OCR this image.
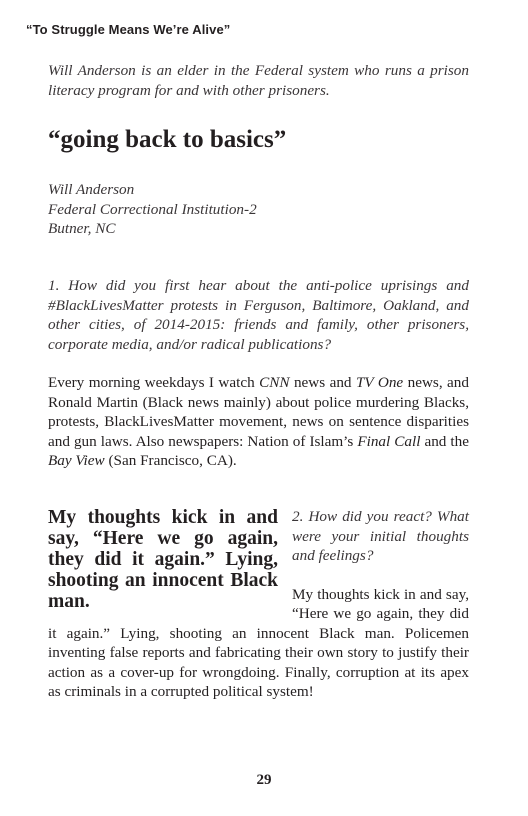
“To Struggle Means We’re Alive”
Will Anderson is an elder in the Federal system who runs a prison literacy program for and with other prisoners.
“going back to basics”
Will Anderson
Federal Correctional Institution-2
Butner, NC
1. How did you first hear about the anti-police uprisings and #BlackLivesMatter protests in Ferguson, Baltimore, Oakland, and other cities, of 2014-2015: friends and family, other prisoners, corporate media, and/or radical publications?
Every morning weekdays I watch CNN news and TV One news, and Ronald Martin (Black news mainly) about police murdering Blacks, protests, BlackLivesMatter movement, news on sentence disparities and gun laws. Also newspapers: Nation of Islam’s Final Call and the Bay View (San Francisco, CA).
My thoughts kick in and say, “Here we go again, they did it again.” Lying, shooting an innocent Black man.

2. How did you react? What were your initial thoughts and feelings?

My thoughts kick in and say, “Here we go again, they did it again.” Lying, shooting an innocent Black man. Policemen inventing false reports and fabricating their own story to justify their action as a cover-up for wrongdoing. Finally, corruption at its apex as criminals in a corrupted political system!

29
